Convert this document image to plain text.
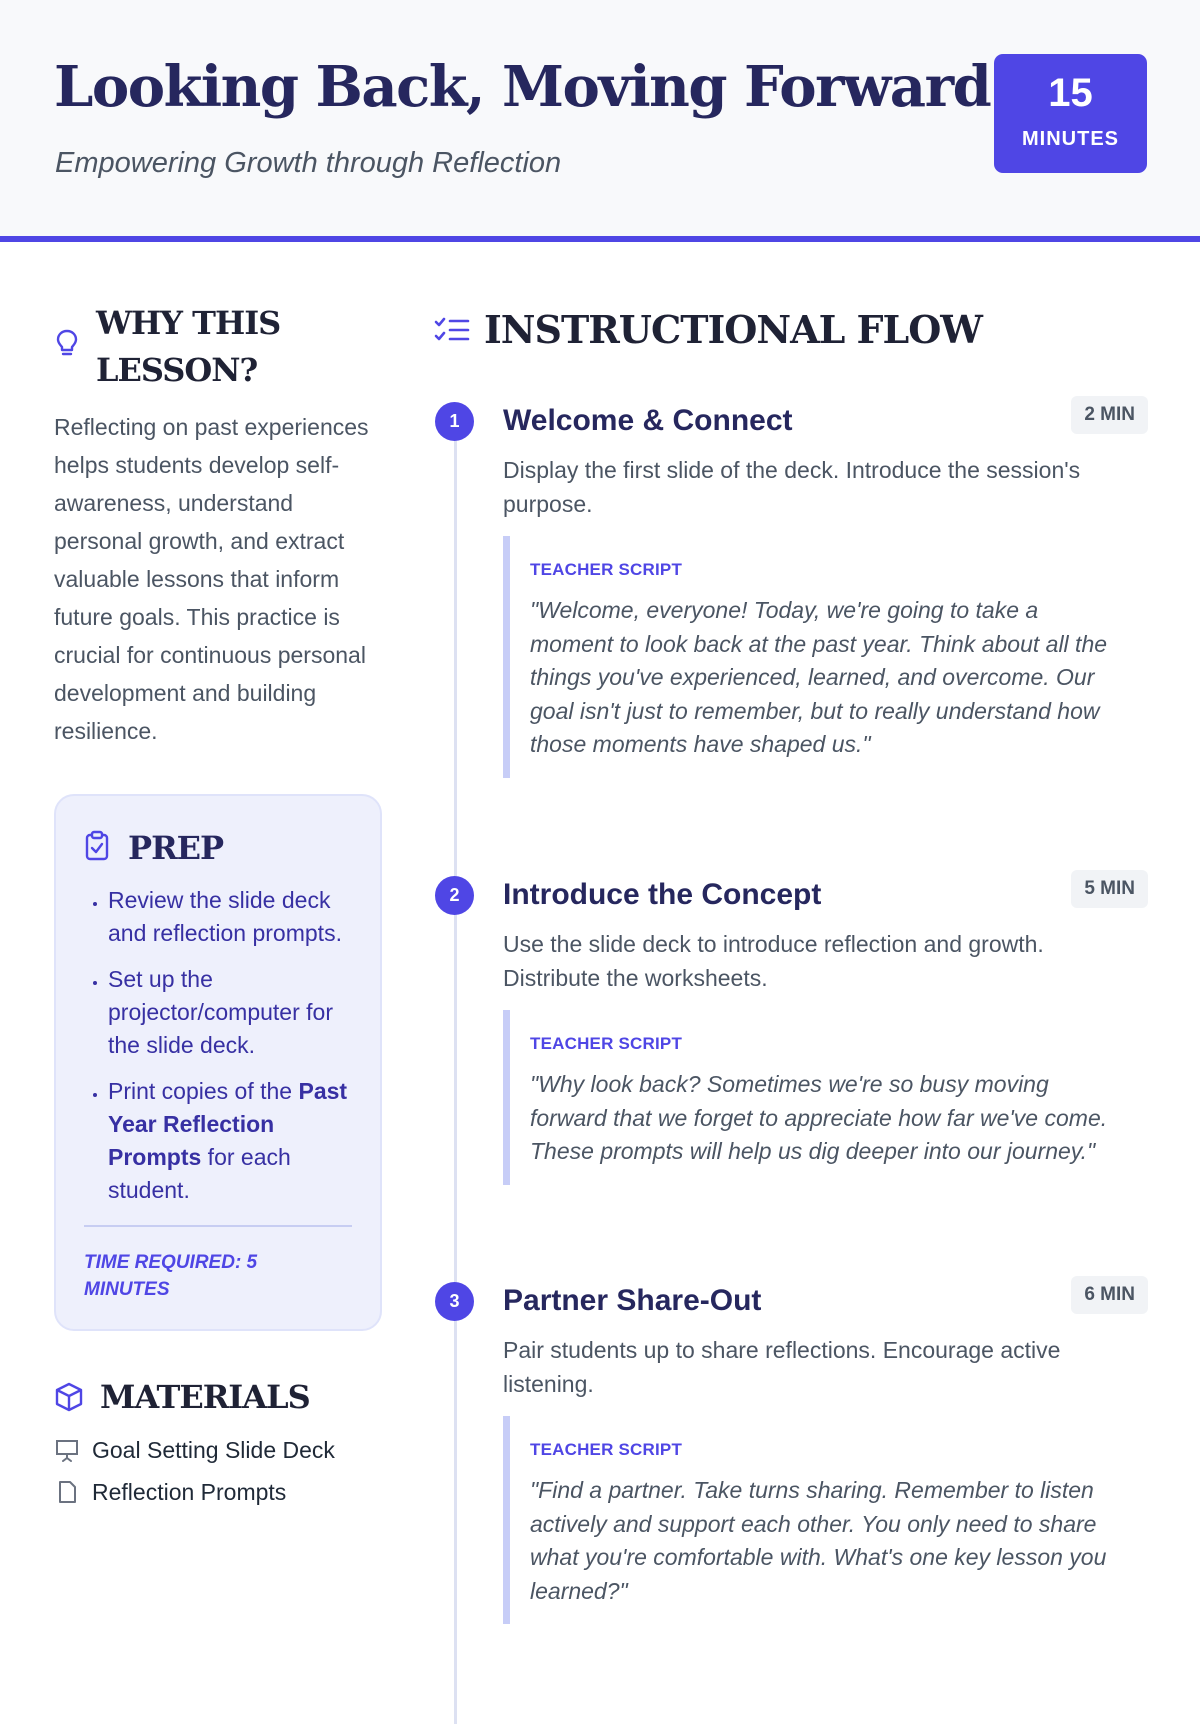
Looking Back, Moving Forward

Empowering Growth through Reflection

15
MINUTES
WHY THIS LESSON?

Reflecting on past experiences helps students develop self-awareness, understand personal growth, and extract valuable lessons that inform future goals. This practice is crucial for continuous personal development and building resilience.

PREP
• Review the slide deck and reflection prompts.
• Set up the projector/computer for the slide deck.
• Print copies of the Past Year Reflection Prompts for each student.
TIME REQUIRED: 5 MINUTES
MATERIALS
Goal Setting Slide Deck
Reflection Prompts
INSTRUCTIONAL FLOW
1	Welcome & Connect	2 MIN

Display the first slide of the deck. Introduce the session's purpose.

TEACHER SCRIPT

"Welcome, everyone! Today, we're going to take a moment to look back at the past year. Think about all the things you've experienced, learned, and overcome. Our goal isn't just to remember, but to really understand how those moments have shaped us."

2	Introduce the Concept	5 MIN

Use the slide deck to introduce reflection and growth. Distribute the worksheets.

TEACHER SCRIPT

"Why look back? Sometimes we're so busy moving forward that we forget to appreciate how far we've come. These prompts will help us dig deeper into our journey."

3	Partner Share-Out	6 MIN

Pair students up to share reflections. Encourage active listening.

TEACHER SCRIPT

"Find a partner. Take turns sharing. Remember to listen actively and support each other. You only need to share what you're comfortable with. What's one key lesson you learned?"
